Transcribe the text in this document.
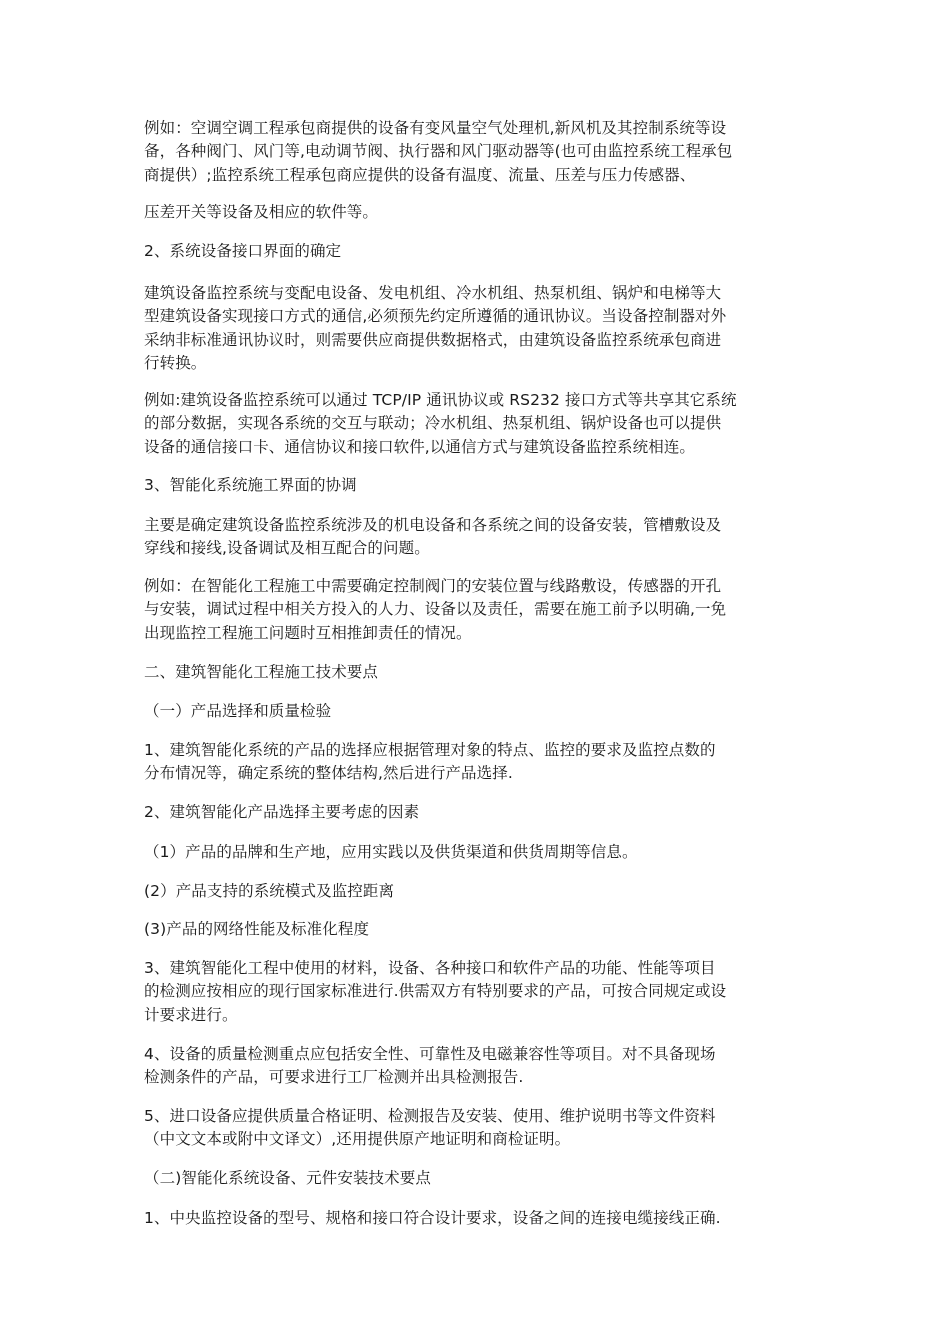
例如：空调空调工程承包商提供的设备有变风量空气处理机,新风机及其控制系统等设
备，各种阀门、风门等,电动调节阀、执行器和风门驱动器等(也可由监控系统工程承包
商提供）;监控系统工程承包商应提供的设备有温度、流量、压差与压力传感器、

压差开关等设备及相应的软件等。

2、系统设备接口界面的确定

建筑设备监控系统与变配电设备、发电机组、冷水机组、热泵机组、锅炉和电梯等大
型建筑设备实现接口方式的通信,必须预先约定所遵循的通讯协议。当设备控制器对外
采纳非标准通讯协议时，则需要供应商提供数据格式，由建筑设备监控系统承包商进
行转换。

例如:建筑设备监控系统可以通过 TCP/IP 通讯协议或 RS232 接口方式等共享其它系统
的部分数据，实现各系统的交互与联动；冷水机组、热泵机组、锅炉设备也可以提供
设备的通信接口卡、通信协议和接口软件,以通信方式与建筑设备监控系统相连。

3、智能化系统施工界面的协调

主要是确定建筑设备监控系统涉及的机电设备和各系统之间的设备安装，管槽敷设及
穿线和接线,设备调试及相互配合的问题。

例如：在智能化工程施工中需要确定控制阀门的安装位置与线路敷设，传感器的开孔
与安装，调试过程中相关方投入的人力、设备以及责任，需要在施工前予以明确,一免
出现监控工程施工问题时互相推卸责任的情况。

二、建筑智能化工程施工技术要点

（一）产品选择和质量检验

1、建筑智能化系统的产品的选择应根据管理对象的特点、监控的要求及监控点数的
分布情况等，确定系统的整体结构,然后进行产品选择.

2、建筑智能化产品选择主要考虑的因素

（1）产品的品牌和生产地，应用实践以及供货渠道和供货周期等信息。

(2）产品支持的系统模式及监控距离

(3)产品的网络性能及标准化程度

3、建筑智能化工程中使用的材料，设备、各种接口和软件产品的功能、性能等项目
的检测应按相应的现行国家标准进行.供需双方有特别要求的产品，可按合同规定或设
计要求进行。

4、设备的质量检测重点应包括安全性、可靠性及电磁兼容性等项目。对不具备现场
检测条件的产品，可要求进行工厂检测并出具检测报告.

5、进口设备应提供质量合格证明、检测报告及安装、使用、维护说明书等文件资料
（中文文本或附中文译文）,还用提供原产地证明和商检证明。

（二)智能化系统设备、元件安装技术要点

1、中央监控设备的型号、规格和接口符合设计要求，设备之间的连接电缆接线正确.
